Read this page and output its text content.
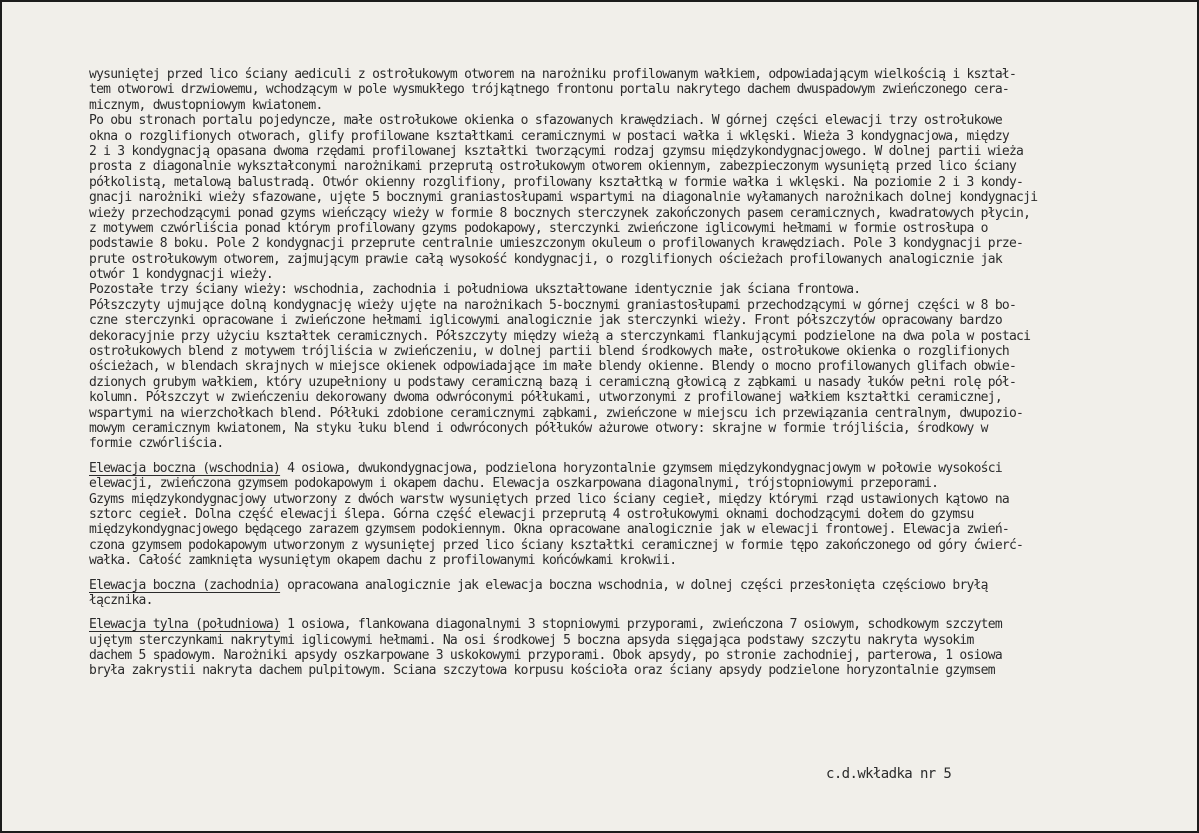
wysuniętej przed lico ściany aediculi z ostrołukowym otworem na narożniku profilowanym wałkiem, odpowiadającym wielkością i kształ-
tem otworowi drzwiowemu, wchodzącym w pole wysmukłego trójkątnego frontonu portalu nakrytego dachem dwuspadowym zwieńczonego cera-
micznym, dwustopniowym kwiatonem.
Po obu stronach portalu pojedyncze, małe ostrołukowe okienka o sfazowanych krawędziach. W górnej części elewacji trzy ostrołukowe
okna o rozglifionych otworach, glify profilowane kształtkami ceramicznymi w postaci wałka i wklęski. Wieża 3 kondygnacjowa, między
2 i 3 kondygnacją opasana dwoma rzędami profilowanej kształtki tworzącymi rodzaj gzymsu międzykondygnacjowego. W dolnej partii wieża
prosta z diagonalnie wykształconymi narożnikami przeprutą ostrołukowym otworem okiennym, zabezpieczonym wysuniętą przed lico ściany
półkolistą, metalową balustradą. Otwór okienny rozglifiony, profilowany kształtką w formie wałka i wklęski. Na poziomie 2 i 3 kondy-
gnacji narożniki wieży sfazowane, ujęte 5 bocznymi graniastosłupami wspartymi na diagonalnie wyłamanych narożnikach dolnej kondygnacji
wieży przechodzącymi ponad gzyms wieńczący wieży w formie 8 bocznych sterczynek zakończonych pasem ceramicznych, kwadratowych płycin,
z motywem czwórliścia ponad którym profilowany gzyms podokapowy, sterczynki zwieńczone iglicowymi hełmami w formie ostrosłupa o
podstawie 8 boku. Pole 2 kondygnacji przeprute centralnie umieszczonym okuleum o profilowanych krawędziach. Pole 3 kondygnacji prze-
prute ostrołukowym otworem, zajmującym prawie całą wysokość kondygnacji, o rozglifionych ościeżach profilowanych analogicznie jak
otwór 1 kondygnacji wieży.
Pozostałe trzy ściany wieży: wschodnia, zachodnia i południowa ukształtowane identycznie jak ściana frontowa.
Półszczyty ujmujące dolną kondygnację wieży ujęte na narożnikach 5-bocznymi graniastosłupami przechodzącymi w górnej części w 8 bo-
czne sterczynki opracowane i zwieńczone hełmami iglicowymi analogicznie jak sterczynki wieży. Front półszczytów opracowany bardzo
dekoracyjnie przy użyciu kształtek ceramicznych. Półszczyty między wieżą a sterczynkami flankującymi podzielone na dwa pola w postaci
ostrołukowych blend z motywem trójliścia w zwieńczeniu, w dolnej partii blend środkowych małe, ostrołukowe okienka o rozglifionych
ościeżach, w blendach skrajnych w miejsce okienek odpowiadające im małe blendy okienne. Blendy o mocno profilowanych glifach obwie-
dzionych grubym wałkiem, który uzupełniony u podstawy ceramiczną bazą i ceramiczną głowicą z ząbkami u nasady łuków pełni rolę pół-
kolumn. Półszczyt w zwieńczeniu dekorowany dwoma odwróconymi półłukami, utworzonymi z profilowanej wałkiem kształtki ceramicznej,
wspartymi na wierzchołkach blend. Półłuki zdobione ceramicznymi ząbkami, zwieńczone w miejscu ich przewiązania centralnym, dwupozio-
mowym ceramicznym kwiatonem, Na styku łuku blend i odwróconych półłuków ażurowe otwory: skrajne w formie trójliścia, środkowy w
formie czwórliścia.
Elewacja boczna (wschodnia) 4 osiowa, dwukondygnacjowa, podzielona horyzontalnie gzymsem międzykondygnacjowym w połowie wysokości
elewacji, zwieńczona gzymsem podokapowym i okapem dachu. Elewacja oszkarpowana diagonalnymi, trójstopniowymi przeporami.
Gzyms międzykondygnacjowy utworzony z dwóch warstw wysuniętych przed lico ściany cegieł, między którymi rząd ustawionych kątowo na
sztorc cegieł. Dolna część elewacji ślepa. Górna część elewacji przeprutą 4 ostrołukowymi oknami dochodzącymi dołem do gzymsu
międzykondygnacjowego będącego zarazem gzymsem podokiennym. Okna opracowane analogicznie jak w elewacji frontowej. Elewacja zwień-
czona gzymsem podokapowym utworzonym z wysuniętej przed lico ściany kształtki ceramicznej w formie tępo zakończonego od góry ćwierć-
wałka. Całość zamknięta wysuniętym okapem dachu z profilowanymi końcówkami krokwii.
Elewacja boczna (zachodnia) opracowana analogicznie jak elewacja boczna wschodnia, w dolnej części przesłonięta częściowo bryłą
łącznika.
Elewacja tylna (południowa) 1 osiowa, flankowana diagonalnymi 3 stopniowymi przyporami, zwieńczona 7 osiowym, schodkowym szczytem
ujętym sterczynkami nakrytymi iglicowymi hełmami. Na osi środkowej 5 boczna apsyda sięgająca podstawy szczytu nakryta wysokim
dachem 5 spadowym. Narożniki apsydy oszkarpowane 3 uskokowymi przyporami. Obok apsydy, po stronie zachodniej, parterowa, 1 osiowa
bryła zakrystii nakryta dachem pulpitowym. Ściana szczytowa korpusu kościoła oraz ściany apsydy podzielone horyzontalnie gzymsem
c.d.wkładka nr 5
